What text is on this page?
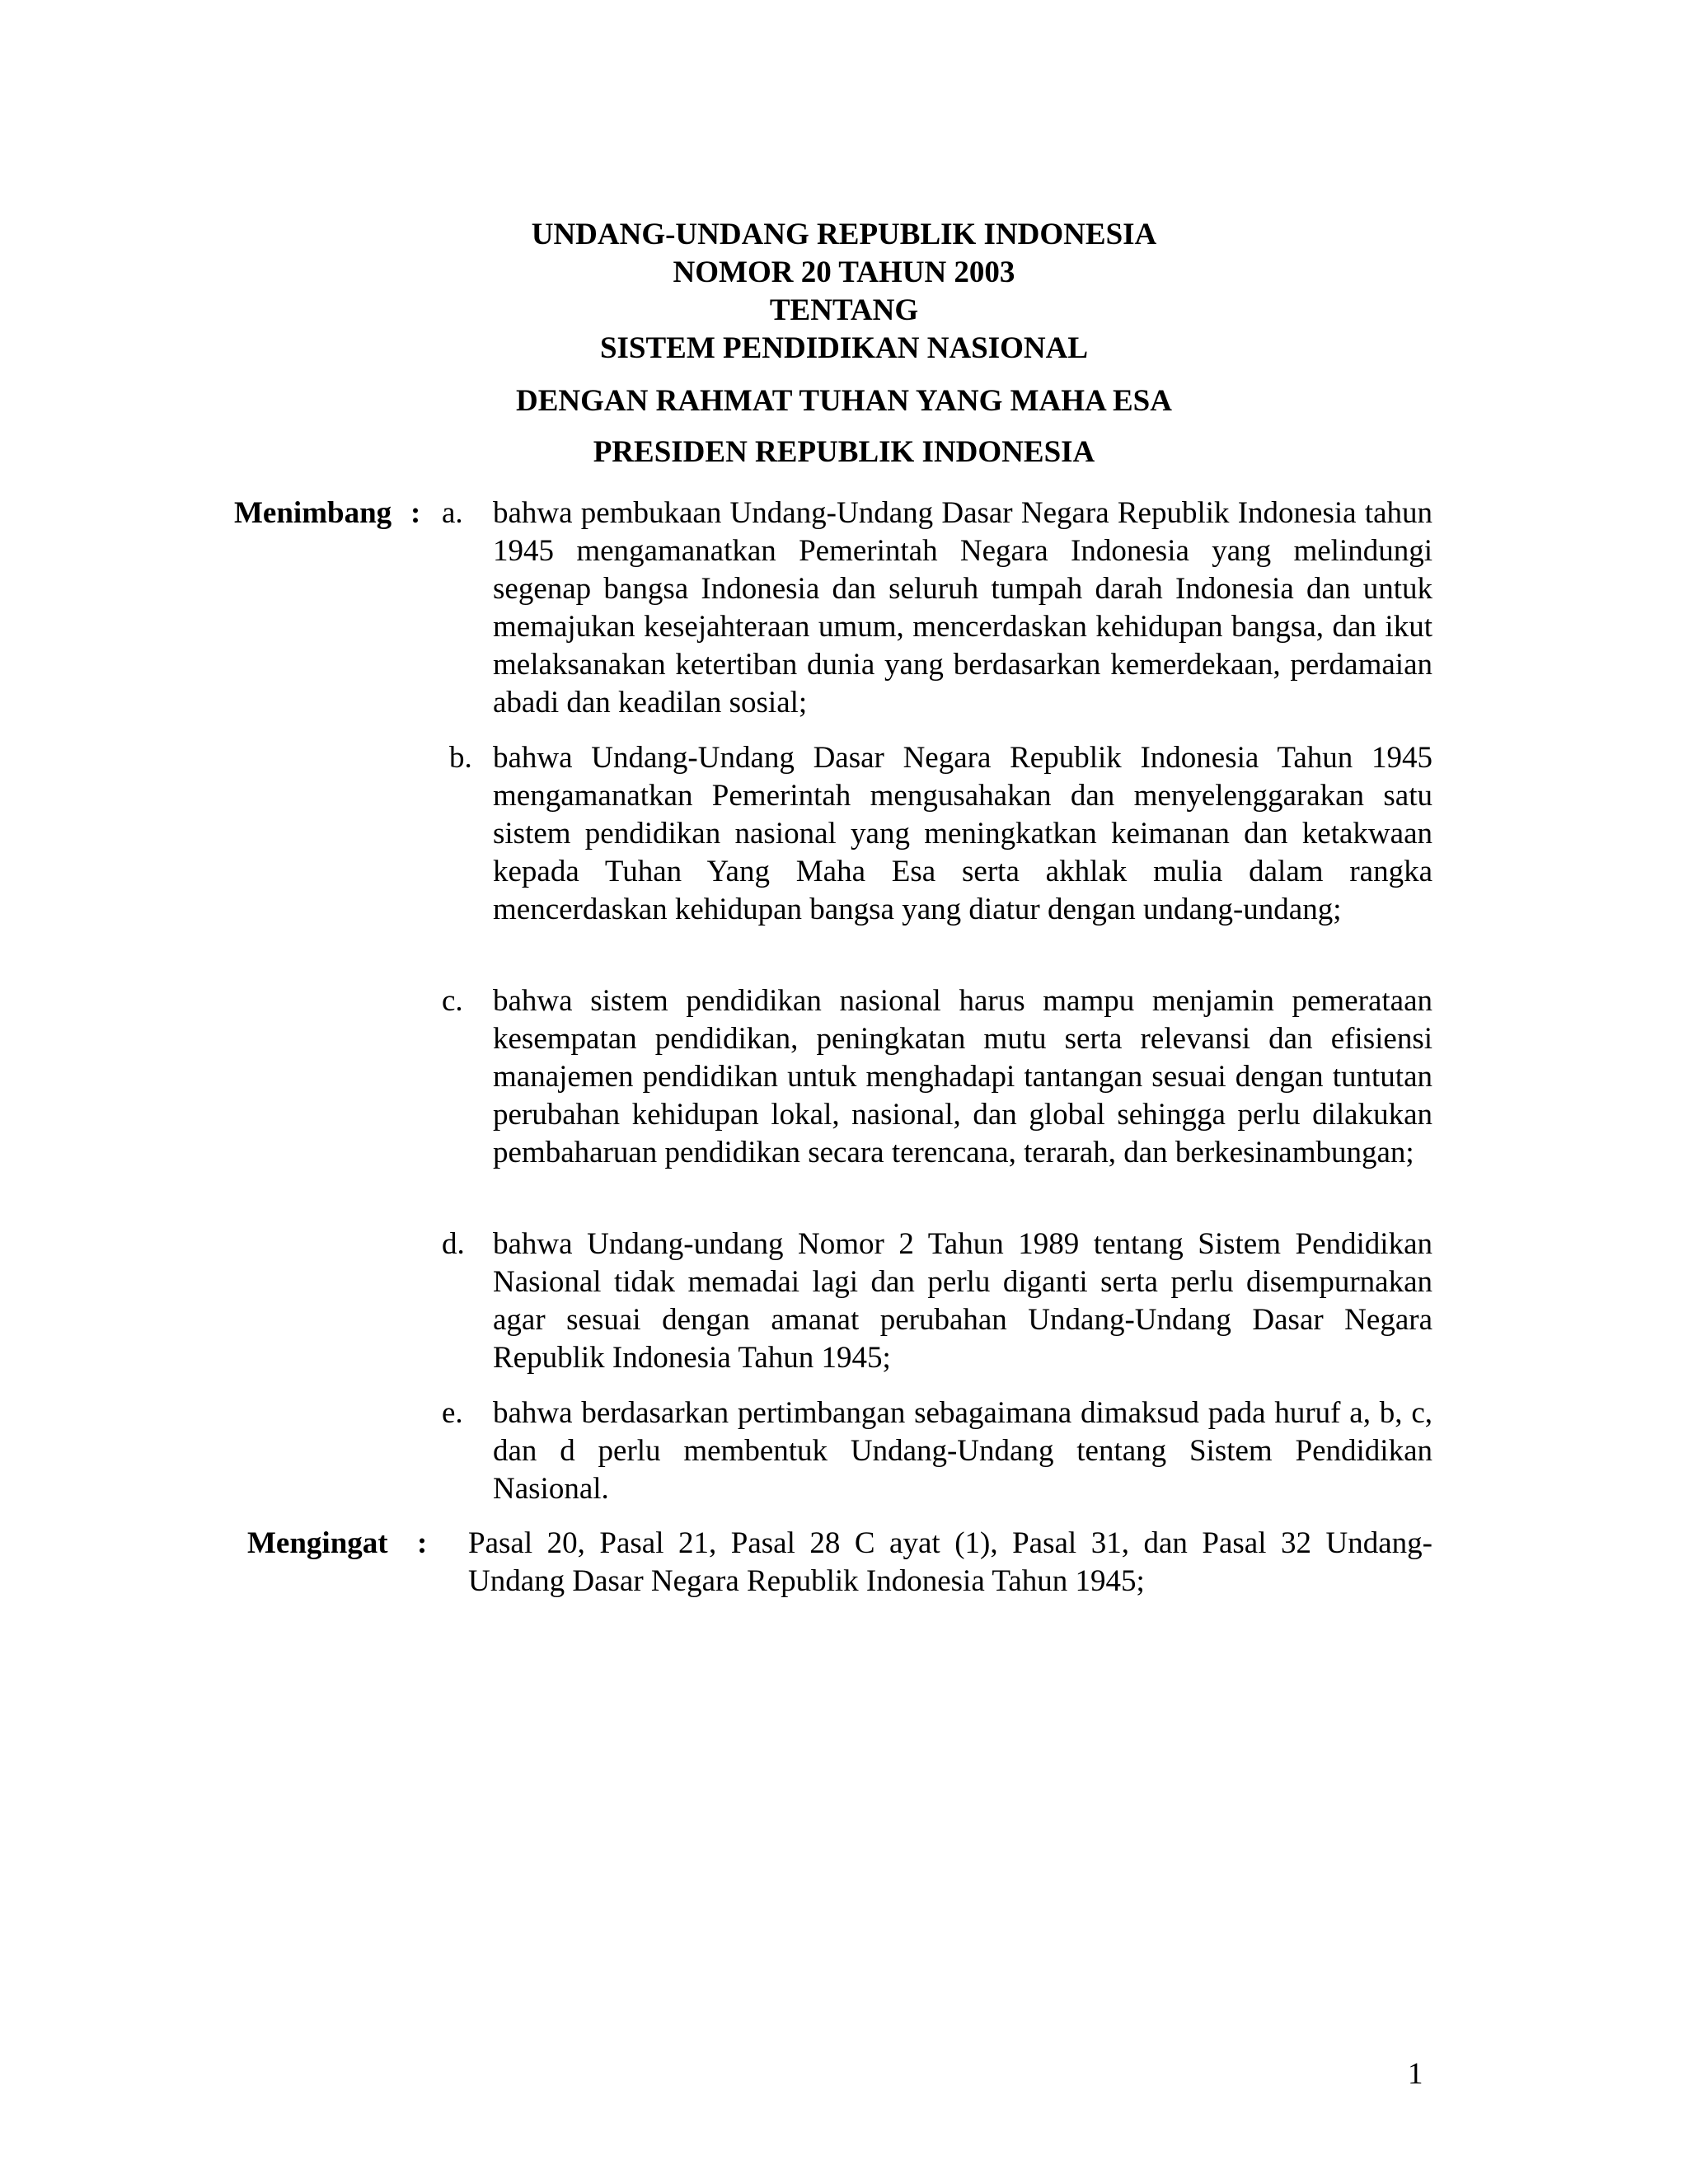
UNDANG-UNDANG REPUBLIK INDONESIA
NOMOR 20 TAHUN 2003
TENTANG
SISTEM PENDIDIKAN NASIONAL
DENGAN RAHMAT TUHAN YANG MAHA ESA
PRESIDEN REPUBLIK INDONESIA
Menimbang : a. bahwa pembukaan Undang-Undang Dasar Negara Republik Indonesia tahun 1945 mengamanatkan Pemerintah Negara Indonesia yang melindungi segenap bangsa Indonesia dan seluruh tumpah darah Indonesia dan untuk memajukan kesejahteraan umum, mencerdaskan kehidupan bangsa, dan ikut melaksanakan ketertiban dunia yang berdasarkan kemerdekaan, perdamaian abadi dan keadilan sosial;
b. bahwa Undang-Undang Dasar Negara Republik Indonesia Tahun 1945 mengamanatkan Pemerintah mengusahakan dan menyelenggarakan satu sistem pendidikan nasional yang meningkatkan keimanan dan ketakwaan kepada Tuhan Yang Maha Esa serta akhlak mulia dalam rangka mencerdaskan kehidupan bangsa yang diatur dengan undang-undang;
c. bahwa sistem pendidikan nasional harus mampu menjamin pemerataan kesempatan pendidikan, peningkatan mutu serta relevansi dan efisiensi manajemen pendidikan untuk menghadapi tantangan sesuai dengan tuntutan perubahan kehidupan lokal, nasional, dan global sehingga perlu dilakukan pembaharuan pendidikan secara terencana, terarah, dan berkesinambungan;
d. bahwa Undang-undang Nomor 2 Tahun 1989 tentang Sistem Pendidikan Nasional tidak memadai lagi dan perlu diganti serta perlu disempurnakan agar sesuai dengan amanat perubahan Undang-Undang Dasar Negara Republik Indonesia Tahun 1945;
e. bahwa berdasarkan pertimbangan sebagaimana dimaksud pada huruf a, b, c, dan d perlu membentuk Undang-Undang tentang Sistem Pendidikan Nasional.
Mengingat : Pasal 20, Pasal 21, Pasal 28 C ayat (1), Pasal 31, dan Pasal 32 Undang-Undang Dasar Negara Republik Indonesia Tahun 1945;
1
